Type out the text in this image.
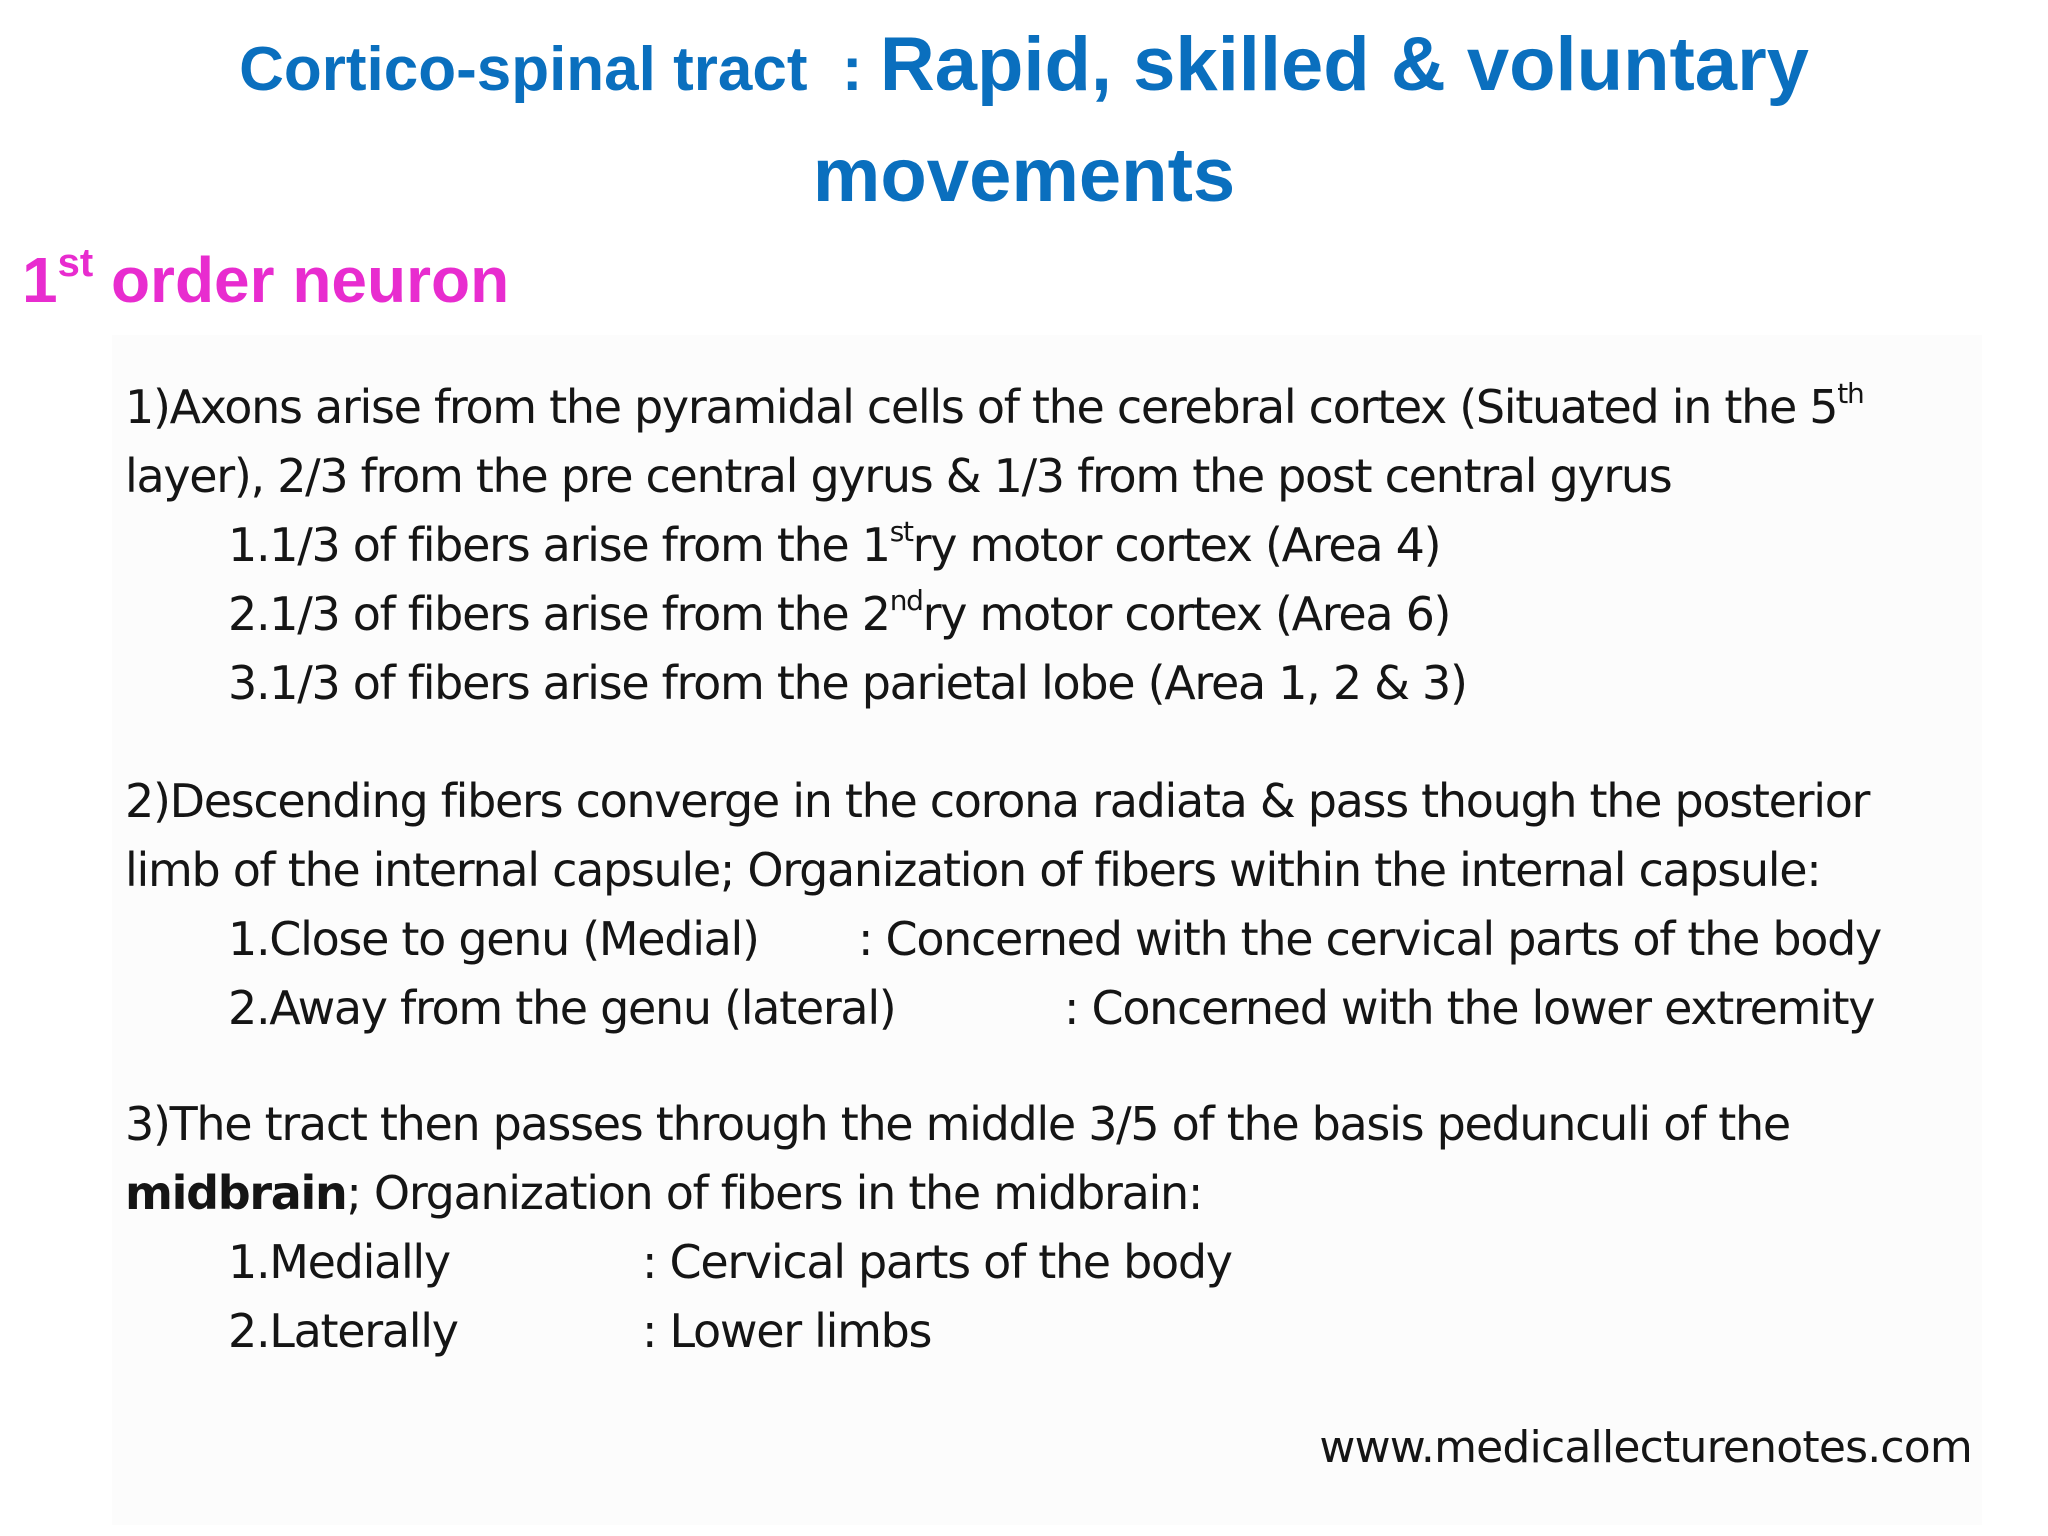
Cortico-spinal tract  : Rapid, skilled & voluntary
movements
1st order neuron
1)Axons arise from the pyramidal cells of the cerebral cortex (Situated in the 5th
layer), 2/3 from the pre central gyrus & 1/3 from the post central gyrus
1.1/3 of fibers arise from the 1stry motor cortex (Area 4)
2.1/3 of fibers arise from the 2ndry motor cortex (Area 6)
3.1/3 of fibers arise from the parietal lobe (Area 1, 2 & 3)
2)Descending fibers converge in the corona radiata & pass though the posterior
limb of the internal capsule; Organization of fibers within the internal capsule:
1.Close to genu (Medial) : Concerned with the cervical parts of the body
2.Away from the genu (lateral)	: Concerned with the lower extremity
3)The tract then passes through the middle 3/5 of the basis pedunculi of the
midbrain; Organization of fibers in the midbrain:
1.Medially	: Cervical parts of the body
2.Laterally	: Lower limbs
www.medicallecturenotes.com
